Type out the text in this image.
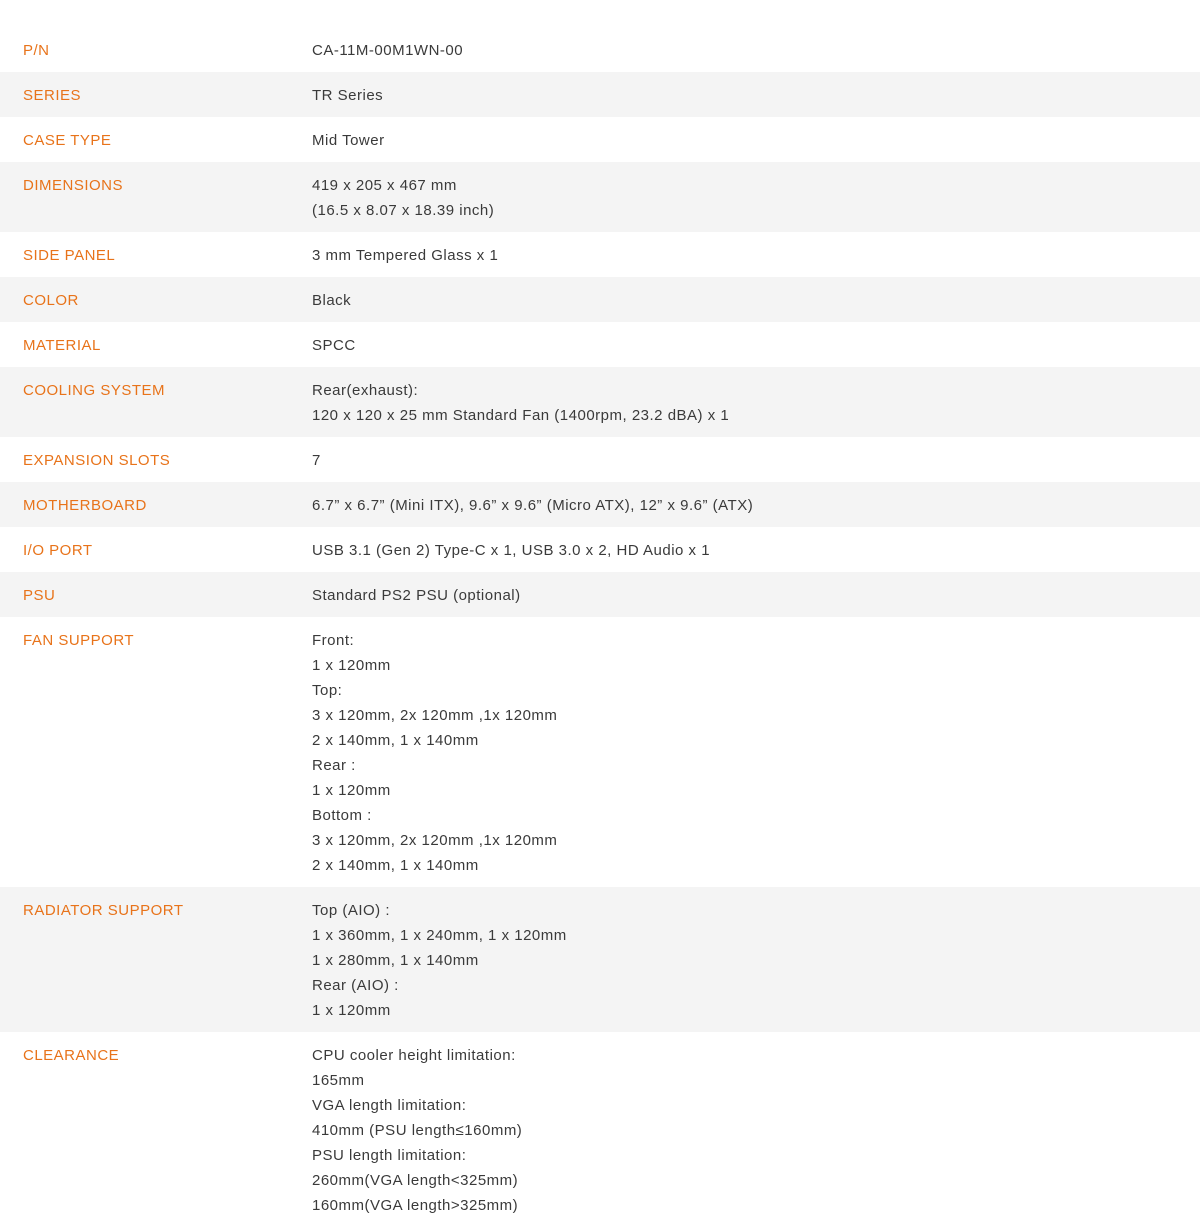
P/N	CA-11M-00M1WN-00
SERIES	TR Series
CASE TYPE	Mid Tower
DIMENSIONS	419 x 205 x 467 mm
(16.5 x 8.07 x 18.39 inch)
SIDE PANEL	3 mm Tempered Glass x 1
COLOR	Black
MATERIAL	SPCC
COOLING SYSTEM	Rear(exhaust):
120 x 120 x 25 mm Standard Fan (1400rpm, 23.2 dBA) x 1
EXPANSION SLOTS	7
MOTHERBOARD	6.7” x 6.7” (Mini ITX), 9.6” x 9.6” (Micro ATX), 12” x 9.6” (ATX)
I/O PORT	USB 3.1 (Gen 2) Type-C x 1, USB 3.0 x 2, HD Audio x 1
PSU	Standard PS2 PSU (optional)
FAN SUPPORT	Front:
1 x 120mm
Top:
3 x 120mm, 2x 120mm ,1x 120mm
2 x 140mm, 1 x 140mm
Rear :
1 x 120mm
Bottom :
3 x 120mm, 2x 120mm ,1x 120mm
2 x 140mm, 1 x 140mm
RADIATOR SUPPORT	Top (AIO) :
1 x 360mm, 1 x 240mm, 1 x 120mm
1 x 280mm, 1 x 140mm
Rear (AIO) :
1 x 120mm
CLEARANCE	CPU cooler height limitation:
165mm
VGA length limitation:
410mm (PSU length≤160mm)
PSU length limitation:
260mm(VGA length<325mm)
160mm(VGA length>325mm)
